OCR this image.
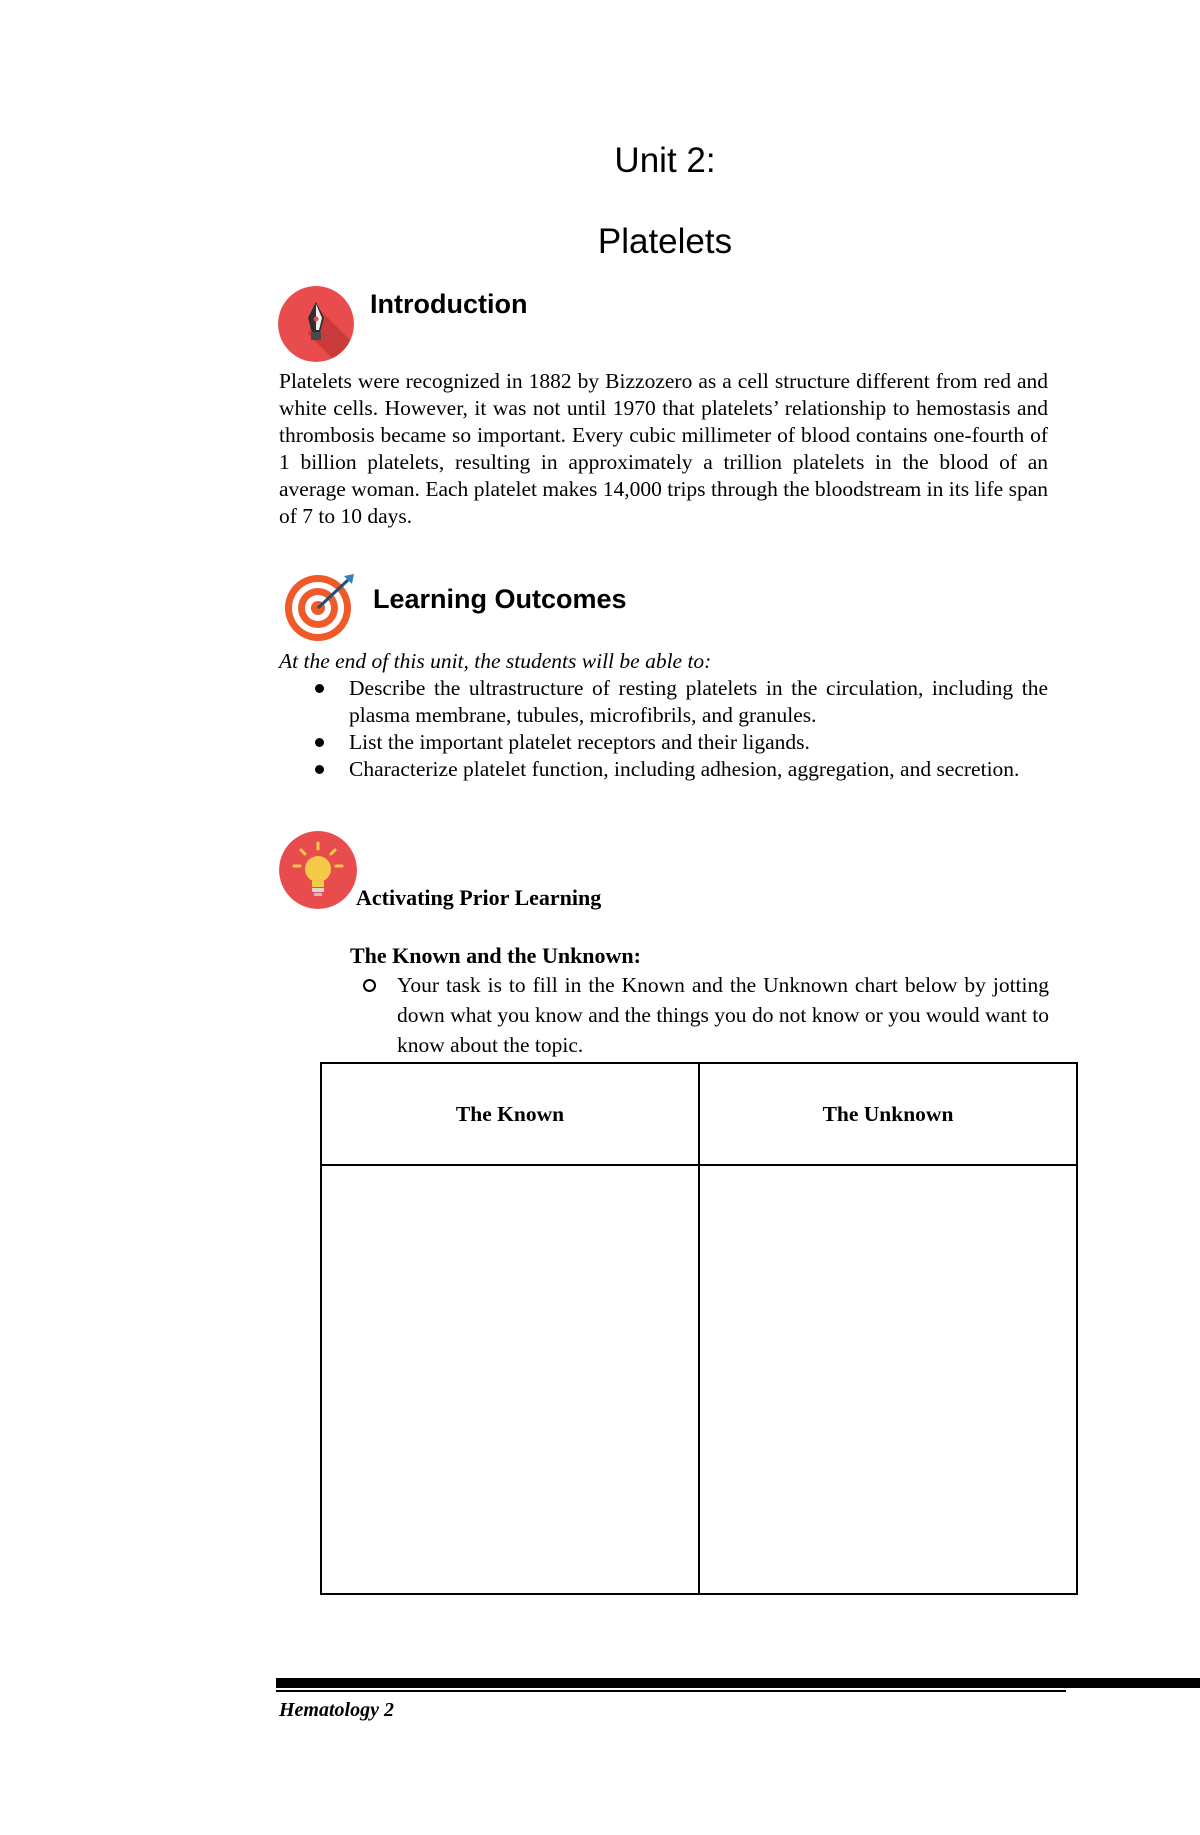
Unit 2:
Platelets
Introduction
Platelets were recognized in 1882 by Bizzozero as a cell structure different from red and white cells. However, it was not until 1970 that platelets’ relationship to hemostasis and thrombosis became so important. Every cubic millimeter of blood contains one-fourth of 1 billion platelets, resulting in approximately a trillion platelets in the blood of an average woman. Each platelet makes 14,000 trips through the bloodstream in its life span of 7 to 10 days.
Learning Outcomes
At the end of this unit, the students will be able to:
Describe the ultrastructure of resting platelets in the circulation, including the plasma membrane, tubules, microfibrils, and granules.
List the important platelet receptors and their ligands.
Characterize platelet function, including adhesion, aggregation, and secretion.
Activating Prior Learning
The Known and the Unknown:
Your task is to fill in the Known and the Unknown chart below by jotting down what you know and the things you do not know or you would want to know about the topic.
The Known	The Unknown
Hematology 2
